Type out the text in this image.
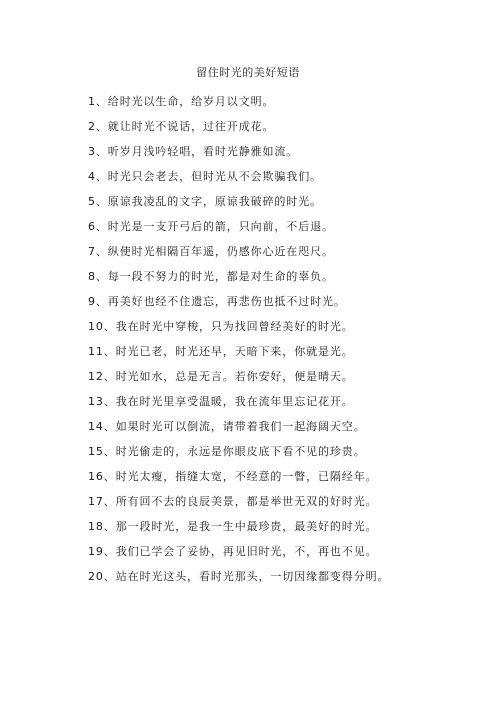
留住时光的美好短语
1、给时光以生命，给岁月以文明。
2、就让时光不说话，过往开成花。
3、听岁月浅吟轻唱，看时光静雅如流。
4、时光只会老去，但时光从不会欺骗我们。
5、原谅我凌乱的文字，原谅我破碎的时光。
6、时光是一支开弓后的箭，只向前，不后退。
7、纵使时光相隔百年遥，仍感你心近在咫尺。
8、每一段不努力的时光，都是对生命的辜负。
9、再美好也经不住遗忘，再悲伤也抵不过时光。
10、我在时光中穿梭，只为找回曾经美好的时光。
11、时光已老，时光还早，天暗下来，你就是光。
12、时光如水，总是无言。若你安好，便是晴天。
13、我在时光里享受温暖，我在流年里忘记花开。
14、如果时光可以倒流，请带着我们一起海阔天空。
15、时光偷走的，永远是你眼皮底下看不见的珍贵。
16、时光太瘦，指缝太宽，不经意的一瞥，已隔经年。
17、所有回不去的良辰美景，都是举世无双的好时光。
18、那一段时光，是我一生中最珍贵，最美好的时光。
19、我们已学会了妥协，再见旧时光，不，再也不见。
20、站在时光这头，看时光那头，一切因缘都变得分明。
